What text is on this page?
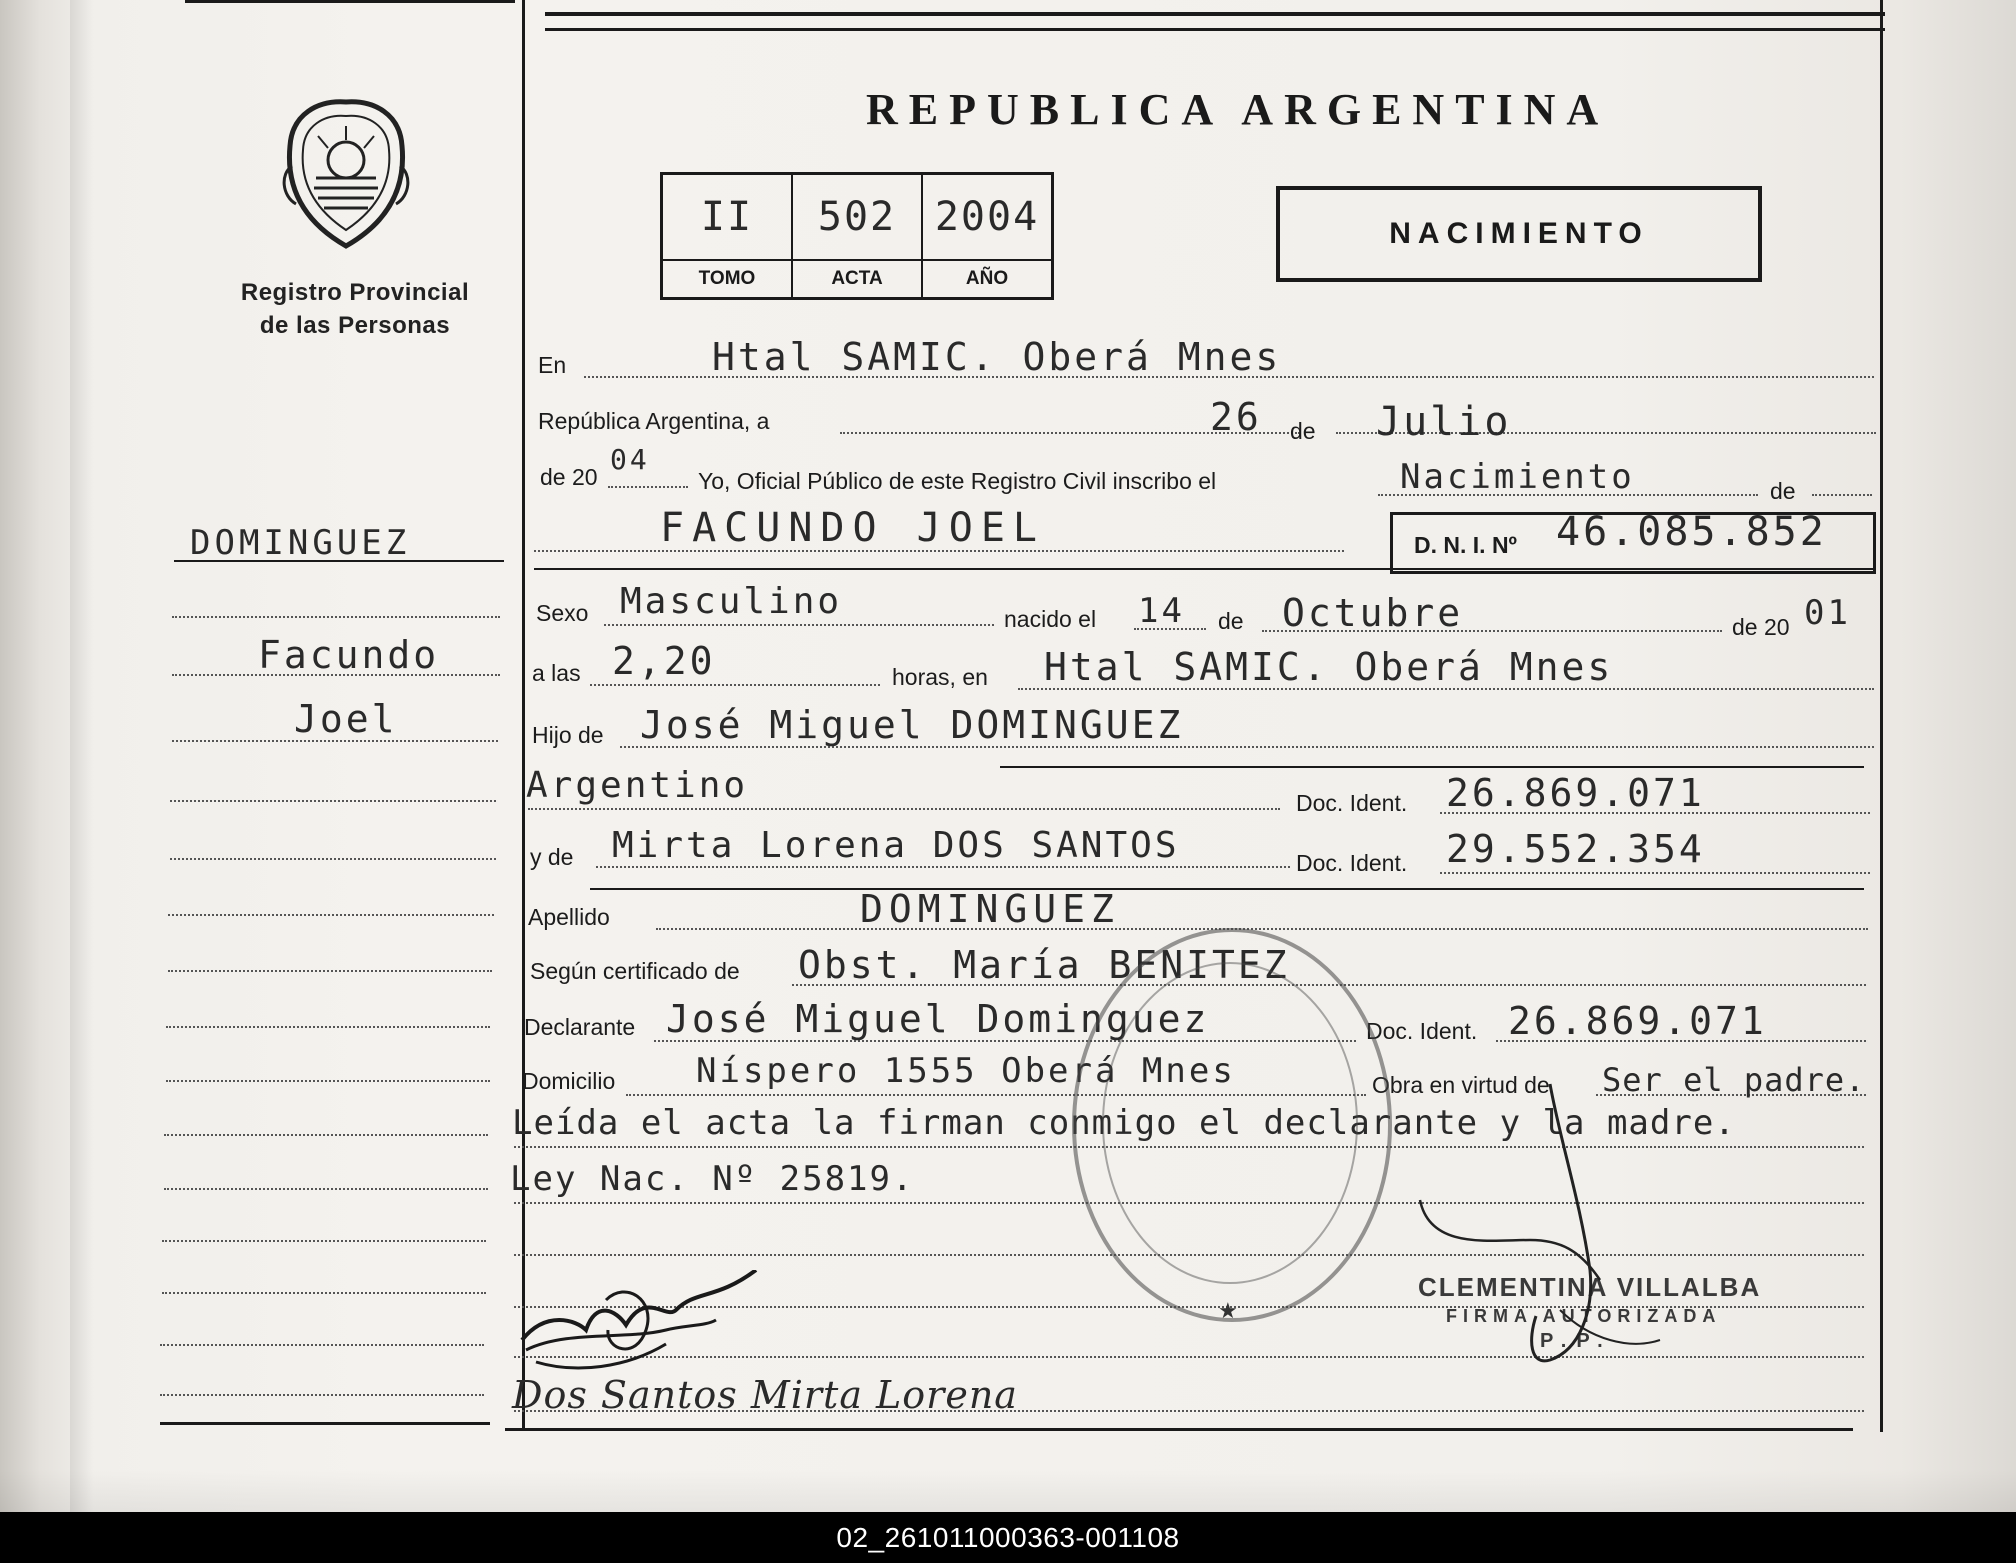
Registro Provincial
de las Personas
REPUBLICA ARGENTINA
II	502	2004
TOMO	ACTA	AÑO
NACIMIENTO
En	Htal SAMIC. Oberá Mnes
República Argentina, a	26 de Julio
de 20
04
Yo, Oficial Público de este Registro Civil inscribo el	Nacimiento	de
FACUNDO JOEL	D. N. I. Nº 46.085.852
Sexo Masculino	nacido el 14 de Octubre	de 20 01
a las 2,20	horas, en Htal SAMIC. Oberá Mnes
Hijo de José Miguel DOMINGUEZ
Argentino	Doc. Ident. 26.869.071
y de Mirta Lorena DOS SANTOS	Doc. Ident. 29.552.354
Apellido	DOMINGUEZ
Según certificado de Obst. María BENITEZ
Declarante José Miguel Dominguez	Doc. Ident. 26.869.071
Domicilio Níspero 1555 Oberá Mnes	Obra en virtud de Ser el padre.
Leída el acta la firman conmigo el declarante y la madre.
Ley Nac. Nº 25819.
★
CLEMENTINA VILLALBA
FIRMA AUTORIZADA
P.P.
Dos Santos Mirta Lorena
DOMINGUEZ
Facundo
Joel
02_261011000363-001108
